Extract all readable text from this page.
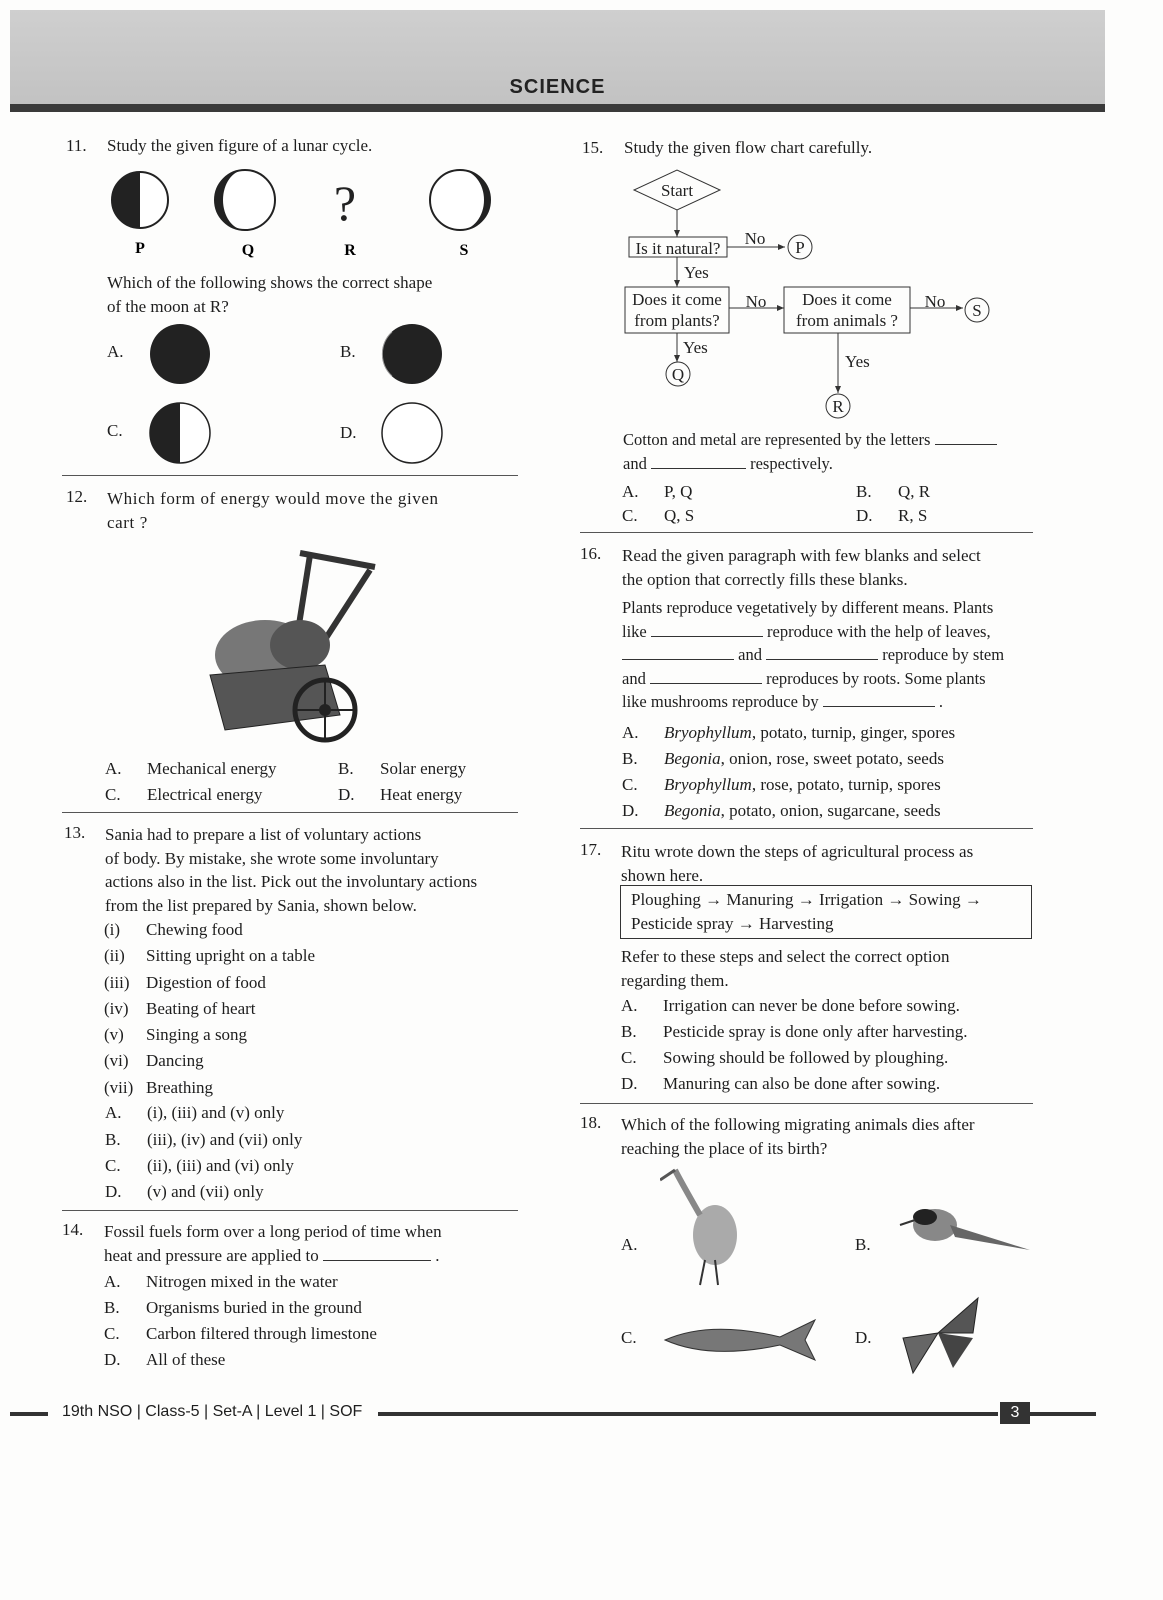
SCIENCE
11. Study the given figure of a lunar cycle.
?
P	Q	R	S
Which of the following shows the correct shape
of the moon at R?
A.	B.
C.	D.
12. Which form of energy would move the given
cart ?
A. Mechanical energy	B. Solar energy
C. Electrical energy	D. Heat energy
13. Sania had to prepare a list of voluntary actions
of body. By mistake, she wrote some involuntary
actions also in the list. Pick out the involuntary actions
from the list prepared by Sania, shown below.
(i) Chewing food
(ii) Sitting upright on a table
(iii) Digestion of food
(iv) Beating of heart
(v) Singing a song
(vi) Dancing
(vii) Breathing
A. (i), (iii) and (v) only
B. (iii), (iv) and (vii) only
C. (ii), (iii) and (vi) only
D. (v) and (vii) only
14. Fossil fuels form over a long period of time when
heat and pressure are applied to	.
A. Nitrogen mixed in the water
B. Organisms buried in the ground
C. Carbon filtered through limestone
D. All of these
15. Study the given flow chart carefully.
Start
Is it natural?
No P
Yes
Does it come
from plants?
No Does it come
from animals ?
No S
Yes
Q
Yes
R
Cotton and metal are represented by the letters
and	respectively.
A. P, Q	B. Q, R
C. Q, S	D. R, S
16. Read the given paragraph with few blanks and select
the option that correctly fills these blanks.
Plants reproduce vegetatively by different means. Plants
like	reproduce with the help of leaves,
and	reproduce by stem
and	reproduces by roots. Some plants
like mushrooms reproduce by	.
A. Bryophyllum, potato, turnip, ginger, spores
B. Begonia, onion, rose, sweet potato, seeds
C. Bryophyllum, rose, potato, turnip, spores
D. Begonia, potato, onion, sugarcane, seeds
17. Ritu wrote down the steps of agricultural process as
shown here.
Ploughing → Manuring → Irrigation → Sowing →
Pesticide spray → Harvesting
Refer to these steps and select the correct option
regarding them.
A. Irrigation can never be done before sowing.
B. Pesticide spray is done only after harvesting.
C. Sowing should be followed by ploughing.
D. Manuring can also be done after sowing.
18. Which of the following migrating animals dies after
reaching the place of its birth?
A.	B.
C.	D.
19th NSO | Class-5 | Set-A | Level 1 | SOF	3
